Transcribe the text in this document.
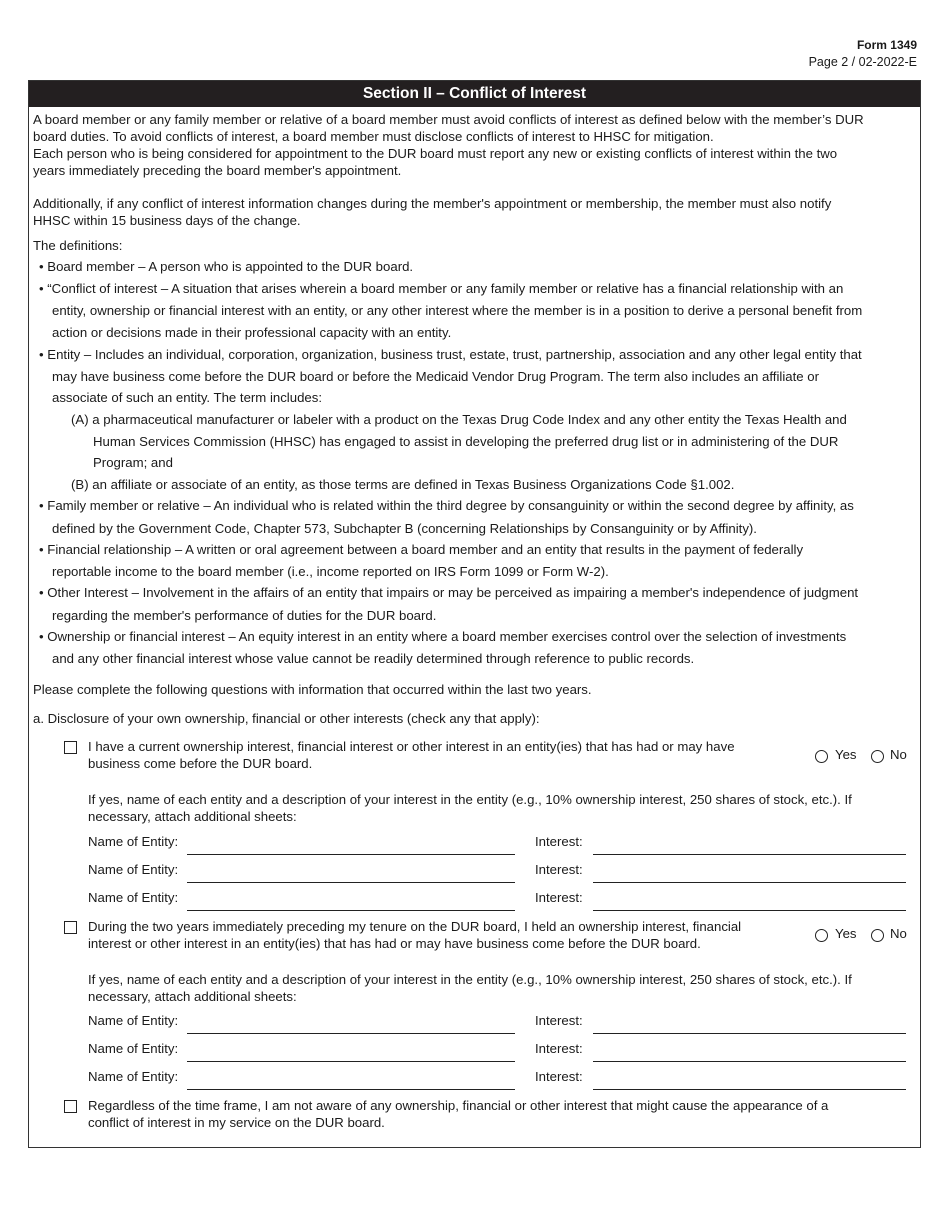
Form 1349
Page 2 / 02-2022-E
Section II – Conflict of Interest
A board member or any family member or relative of a board member must avoid conflicts of interest as defined below with the member’s DUR
board duties. To avoid conflicts of interest, a board member must disclose conflicts of interest to HHSC for mitigation.
Each person who is being considered for appointment to the DUR board must report any new or existing conflicts of interest within the two
years immediately preceding the board member's appointment.
Additionally, if any conflict of interest information changes during the member's appointment or membership, the member must also notify
HHSC within 15 business days of the change.
The definitions:
• Board member – A person who is appointed to the DUR board.
• “Conflict of interest – A situation that arises wherein a board member or any family member or relative has a financial relationship with an
entity, ownership or financial interest with an entity, or any other interest where the member is in a position to derive a personal benefit from
action or decisions made in their professional capacity with an entity.
• Entity – Includes an individual, corporation, organization, business trust, estate, trust, partnership, association and any other legal entity that
may have business come before the DUR board or before the Medicaid Vendor Drug Program. The term also includes an affiliate or
associate of such an entity. The term includes:
(A) a pharmaceutical manufacturer or labeler with a product on the Texas Drug Code Index and any other entity the Texas Health and
Human Services Commission (HHSC) has engaged to assist in developing the preferred drug list or in administering of the DUR
Program; and
(B) an affiliate or associate of an entity, as those terms are defined in Texas Business Organizations Code §1.002.
• Family member or relative – An individual who is related within the third degree by consanguinity or within the second degree by affinity, as
defined by the Government Code, Chapter 573, Subchapter B (concerning Relationships by Consanguinity or by Affinity).
• Financial relationship – A written or oral agreement between a board member and an entity that results in the payment of federally
reportable income to the board member (i.e., income reported on IRS Form 1099 or Form W-2).
• Other Interest – Involvement in the affairs of an entity that impairs or may be perceived as impairing a member's independence of judgment
regarding the member's performance of duties for the DUR board.
• Ownership or financial interest – An equity interest in an entity where a board member exercises control over the selection of investments
and any other financial interest whose value cannot be readily determined through reference to public records.
Please complete the following questions with information that occurred within the last two years.
a. Disclosure of your own ownership, financial or other interests (check any that apply):
I have a current ownership interest, financial interest or other interest in an entity(ies) that has had or may have
business come before the DUR board.
Yes	No
If yes, name of each entity and a description of your interest in the entity (e.g., 10% ownership interest, 250 shares of stock, etc.). If
necessary, attach additional sheets:
Name of Entity:	Interest:
Name of Entity:	Interest:
Name of Entity:	Interest:
During the two years immediately preceding my tenure on the DUR board, I held an ownership interest, financial
interest or other interest in an entity(ies) that has had or may have business come before the DUR board.
Yes	No
If yes, name of each entity and a description of your interest in the entity (e.g., 10% ownership interest, 250 shares of stock, etc.). If
necessary, attach additional sheets:
Name of Entity:	Interest:
Name of Entity:	Interest:
Name of Entity:	Interest:
Regardless of the time frame, I am not aware of any ownership, financial or other interest that might cause the appearance of a
conflict of interest in my service on the DUR board.
